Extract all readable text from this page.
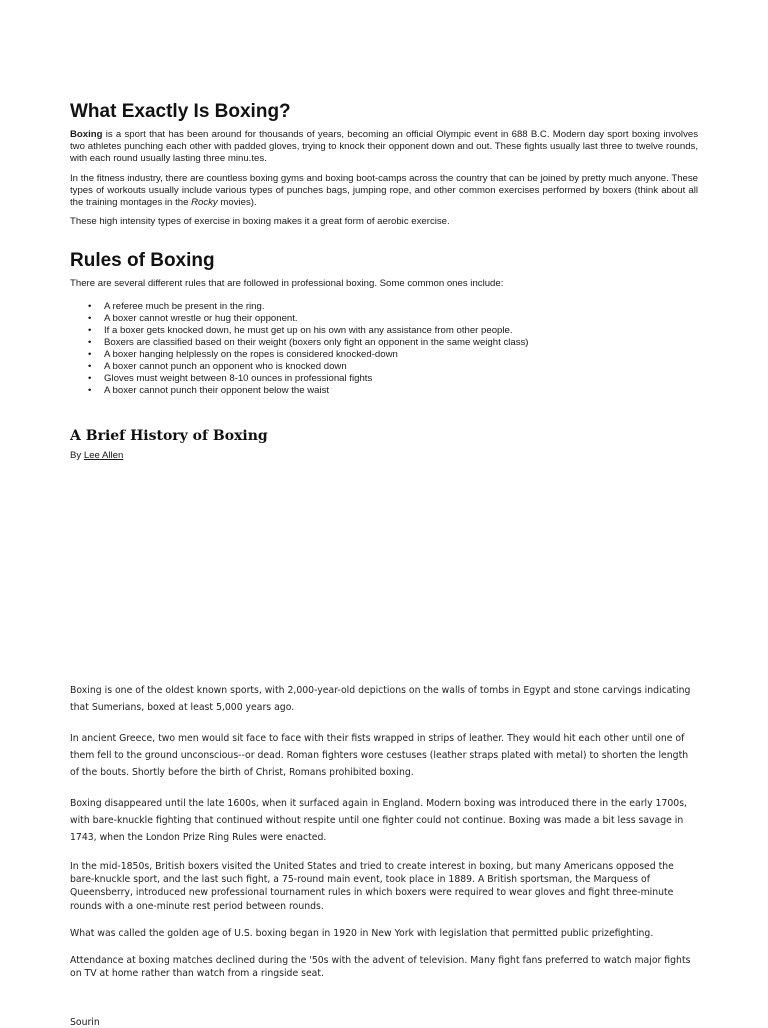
What Exactly Is Boxing?

Boxing is a sport that has been around for thousands of years, becoming an official Olympic event in 688 B.C. Modern day sport boxing involves two athletes punching each other with padded gloves, trying to knock their opponent down and out. These fights usually last three to twelve rounds, with each round usually lasting three minu.tes.

In the fitness industry, there are countless boxing gyms and boxing boot-camps across the country that can be joined by pretty much anyone. These types of workouts usually include various types of punches bags, jumping rope, and other common exercises performed by boxers (think about all the training montages in the Rocky movies).

These high intensity types of exercise in boxing makes it a great form of aerobic exercise.

Rules of Boxing

There are several different rules that are followed in professional boxing. Some common ones include:

• A referee much be present in the ring.
• A boxer cannot wrestle or hug their opponent.
• If a boxer gets knocked down, he must get up on his own with any assistance from other people.
• Boxers are classified based on their weight (boxers only fight an opponent in the same weight class)
• A boxer hanging helplessly on the ropes is considered knocked-down
• A boxer cannot punch an opponent who is knocked down
• Gloves must weight between 8-10 ounces in professional fights
• A boxer cannot punch their opponent below the waist
A Brief History of Boxing
By Lee Allen

Boxing is one of the oldest known sports, with 2,000-year-old depictions on the walls of tombs in Egypt and stone carvings indicating that Sumerians, boxed at least 5,000 years ago.

In ancient Greece, two men would sit face to face with their fists wrapped in strips of leather. They would hit each other until one of them fell to the ground unconscious--or dead. Roman fighters wore cestuses (leather straps plated with metal) to shorten the length of the bouts. Shortly before the birth of Christ, Romans prohibited boxing.

Boxing disappeared until the late 1600s, when it surfaced again in England. Modern boxing was introduced there in the early 1700s, with bare-knuckle fighting that continued without respite until one fighter could not continue. Boxing was made a bit less savage in 1743, when the London Prize Ring Rules were enacted.

In the mid-1850s, British boxers visited the United States and tried to create interest in boxing, but many Americans opposed the bare-knuckle sport, and the last such fight, a 75-round main event, took place in 1889. A British sportsman, the Marquess of Queensberry, introduced new professional tournament rules in which boxers were required to wear gloves and fight three-minute rounds with a one-minute rest period between rounds.

What was called the golden age of U.S. boxing began in 1920 in New York with legislation that permitted public prizefighting.

Attendance at boxing matches declined during the '50s with the advent of television. Many fight fans preferred to watch major fights on TV at home rather than watch from a ringside seat.

Sourin
